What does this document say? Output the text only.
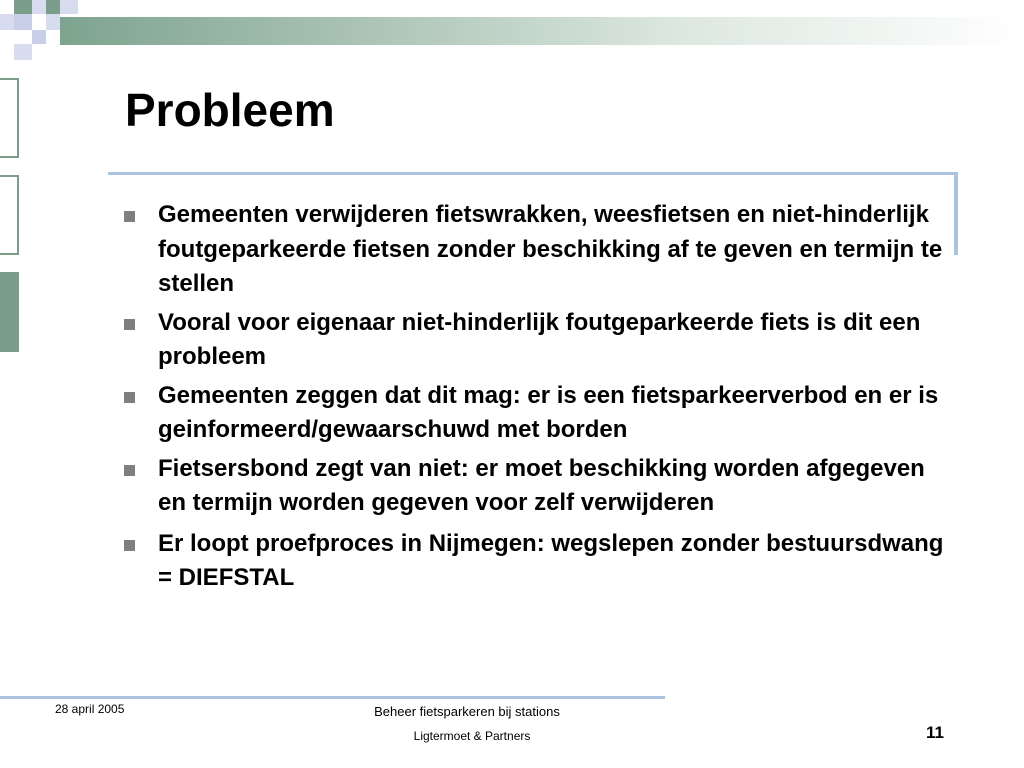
Probleem
Gemeenten verwijderen fietswrakken, weesfietsen en niet-hinderlijk foutgeparkeerde fietsen zonder beschikking af te geven en termijn te stellen
Vooral voor eigenaar niet-hinderlijk foutgeparkeerde fiets is dit een probleem
Gemeenten zeggen dat dit mag: er is een fietsparkeerverbod en er is geinformeerd/gewaarschuwd met borden
Fietsersbond zegt van niet: er moet beschikking worden afgegeven en termijn worden gegeven voor zelf verwijderen
Er loopt proefproces in Nijmegen: wegslepen zonder bestuursdwang = DIEFSTAL
28 april 2005	Beheer fietsparkeren bij stations
Ligtermoet & Partners	11
